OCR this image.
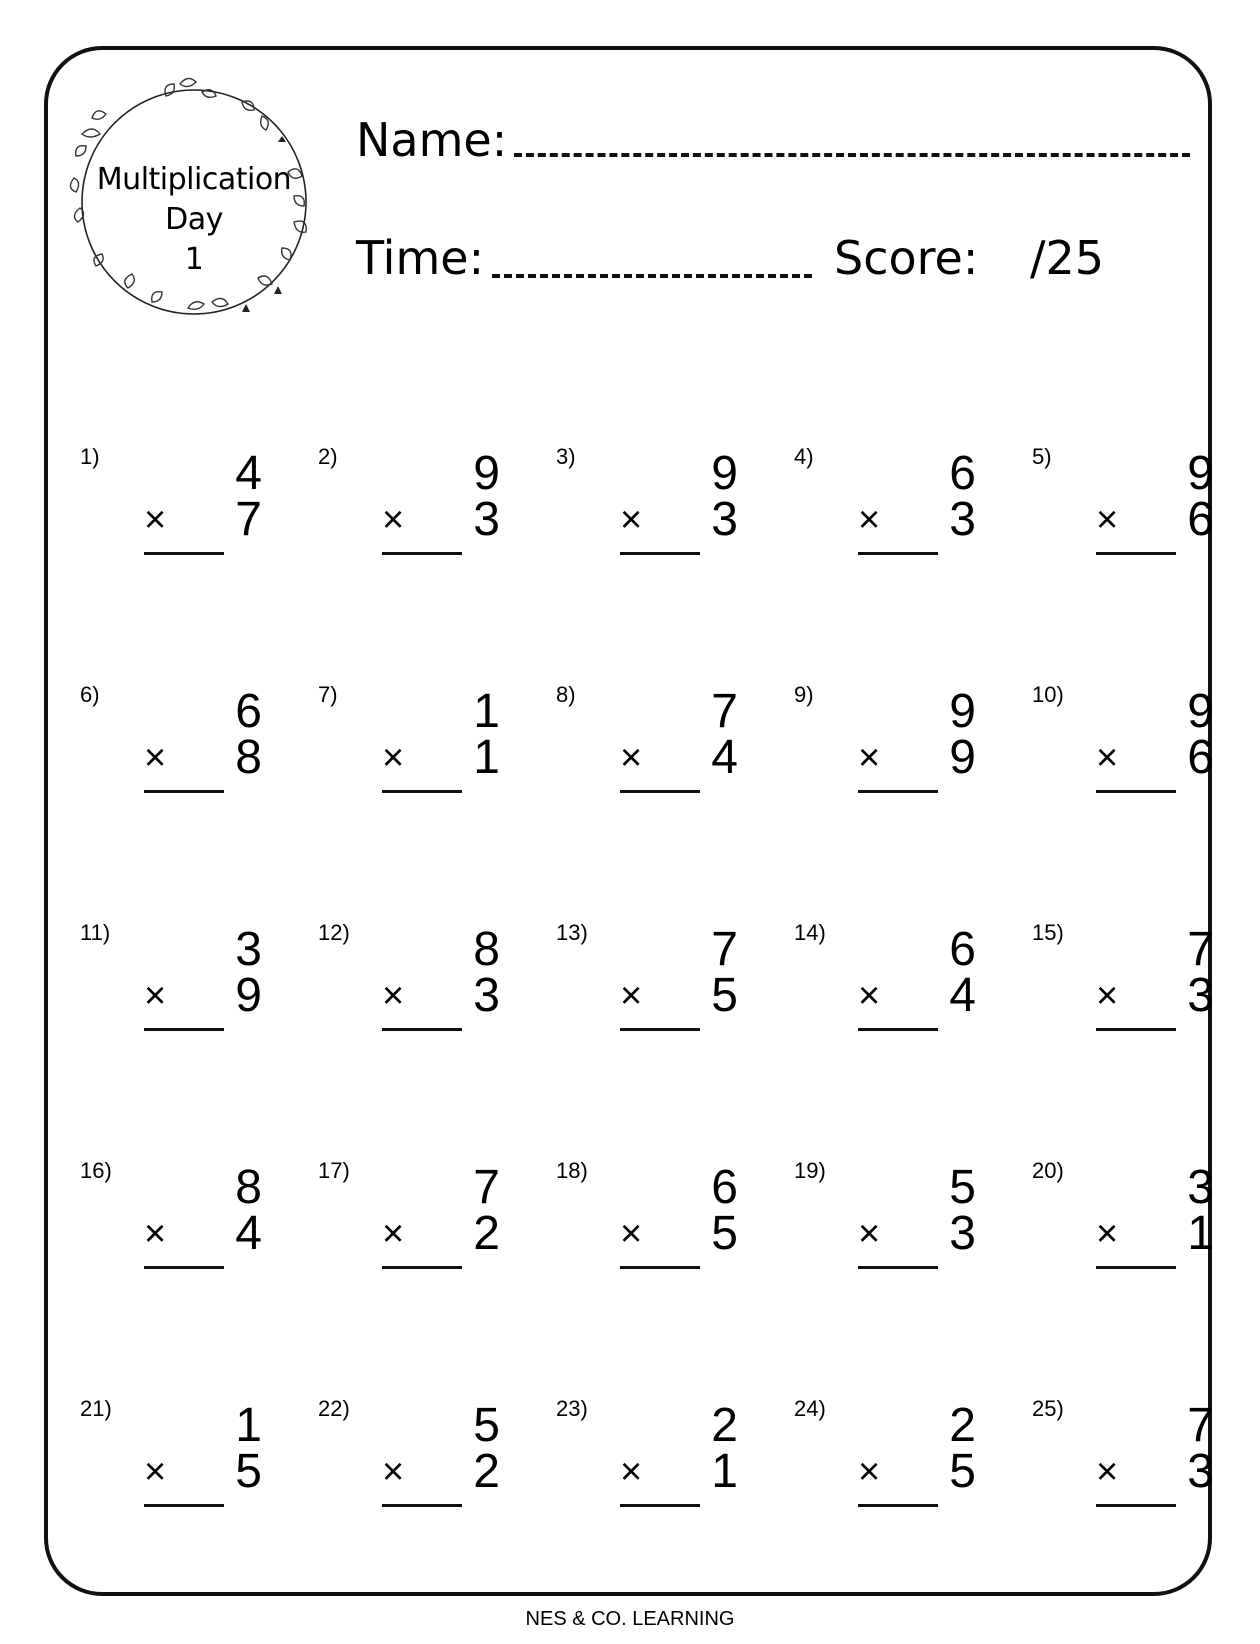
Multiplication
Day
1
Name:
Time:	Score: /25
1)	4
× 7
2)	9
× 3
3)	9
× 3
4)	6
× 3
5)	9
× 6
6)	6
× 8
7)	1
× 1
8)	7
× 4
9)	9
× 9
10)	9
× 6
11)	3
× 9
12)	8
× 3
13)	7
× 5
14)	6
× 4
15)	7
× 3
16)	8
× 4
17)	7
× 2
18)	6
× 5
19)	5
× 3
20)	3
× 1
21)	1
× 5
22)	5
× 2
23)	2
× 1
24)	2
× 5
25)	7
× 3
NES & CO. LEARNING
